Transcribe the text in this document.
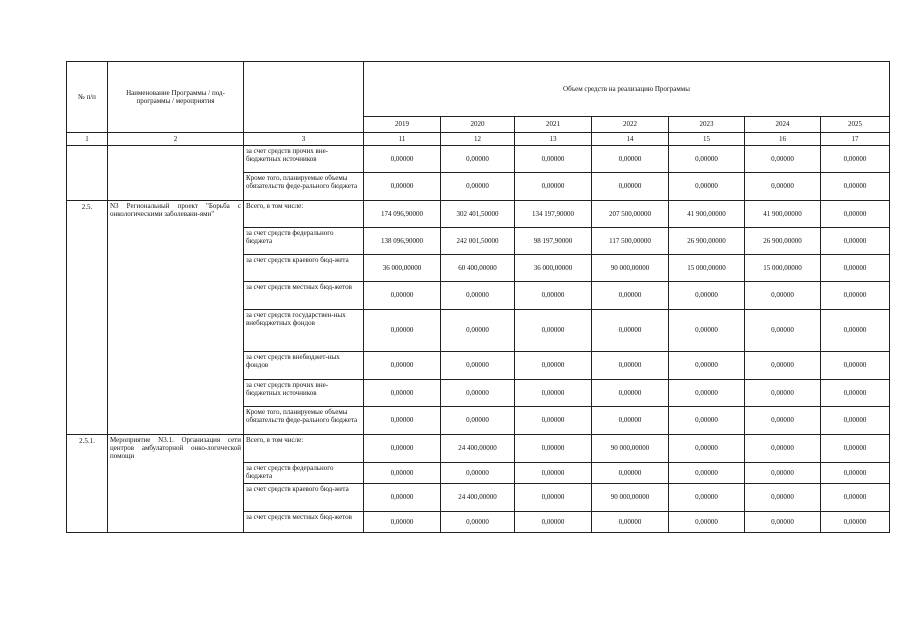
№ п/п	Наименование Программы / под-программы / мероприятия		Объем средств на реализацию Программы						
			2019	2020	2021	2022	2023	2024	2025
1	2	3	11	12	13	14	15	16	17
		за счет средств прочих вне-бюджетных источников	0,00000	0,00000	0,00000	0,00000	0,00000	0,00000	0,00000
		Кроме того, планируемые объемы обязательств феде-рального бюджета	0,00000	0,00000	0,00000	0,00000	0,00000	0,00000	0,00000
2.5.	N3 Региональный проект "Борьба с онкологическими заболевани-ями"	Всего, в том числе:	174 096,90000	302 401,50000	134 197,90000	207 500,00000	41 900,00000	41 900,00000	0,00000
		за счет средств федерального бюджета	138 096,90000	242 001,50000	98 197,90000	117 500,00000	26 900,00000	26 900,00000	0,00000
		за счет средств краевого бюд-жета	36 000,00000	60 400,00000	36 000,00000	90 000,00000	15 000,00000	15 000,00000	0,00000
		за счет средств местных бюд-жетов	0,00000	0,00000	0,00000	0,00000	0,00000	0,00000	0,00000
		за счет средств государствен-ных внебюджетных фондов	0,00000	0,00000	0,00000	0,00000	0,00000	0,00000	0,00000
		за счет средств внебюджет-ных фондов	0,00000	0,00000	0,00000	0,00000	0,00000	0,00000	0,00000
		за счет средств прочих вне-бюджетных источников	0,00000	0,00000	0,00000	0,00000	0,00000	0,00000	0,00000
		Кроме того, планируемые объемы обязательств феде-рального бюджета	0,00000	0,00000	0,00000	0,00000	0,00000	0,00000	0,00000
2.5.1.	Мероприятие N3.1. Организация сети центров амбулаторной онко-логической помощи	Всего, в том числе:	0,00000	24 400,00000	0,00000	90 000,00000	0,00000	0,00000	0,00000
		за счет средств федерального бюджета	0,00000	0,00000	0,00000	0,00000	0,00000	0,00000	0,00000
		за счет средств краевого бюд-жета	0,00000	24 400,00000	0,00000	90 000,00000	0,00000	0,00000	0,00000
		за счет средств местных бюд-жетов	0,00000	0,00000	0,00000	0,00000	0,00000	0,00000	0,00000
